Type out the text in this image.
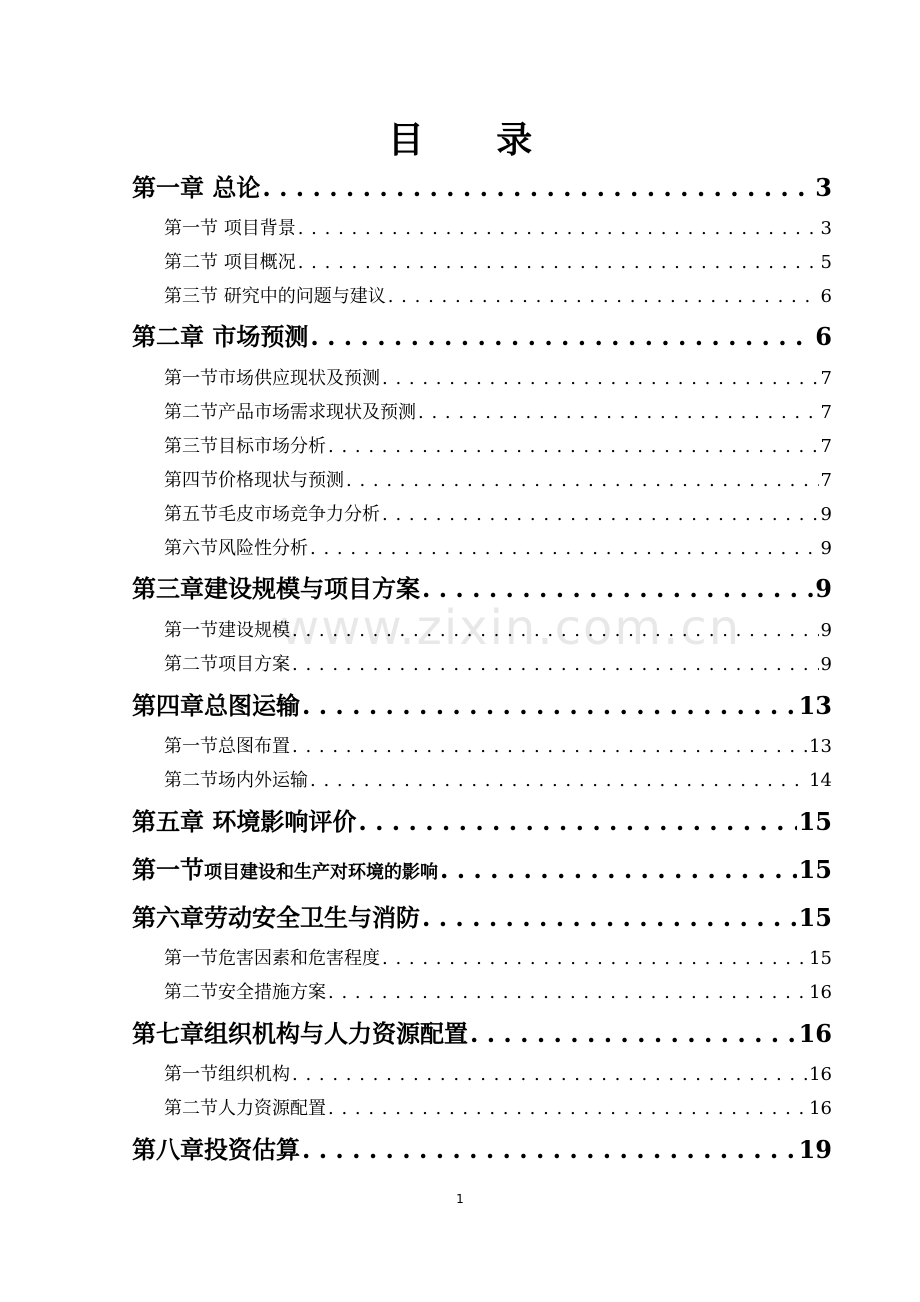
目 录
第一章 总论 . . .	3
第一节 项目背景 . . .	3
第二节 项目概况 . . .	5
第三节 研究中的问题与建议 . . .	6
第二章 市场预测 . . .	6
第一节市场供应现状及预测 . . .	7
第二节产品市场需求现状及预测 . . .	7
第三节目标市场分析 . . .	7
第四节价格现状与预测 . . .	7
第五节毛皮市场竞争力分析 . . .	9
第六节风险性分析 . . .	9
第三章建设规模与项目方案 . . .	9
第一节建设规模 . . .	9
第二节项目方案 . . .	9
第四章总图运输 . . .	13
第一节总图布置 . . .	13
第二节场内外运输 . . .	14
第五章 环境影响评价 . . .	15
第一节 项目建设和生产对环境的影响 . . .	15
第六章劳动安全卫生与消防 . . .	15
第一节危害因素和危害程度 . . .	15
第二节安全措施方案 . . .	16
第七章组织机构与人力资源配置 . . .	16
第一节组织机构 . . .	16
第二节人力资源配置 . . .	16
第八章投资估算 . . .	19
www.zixin.com.cn
1
